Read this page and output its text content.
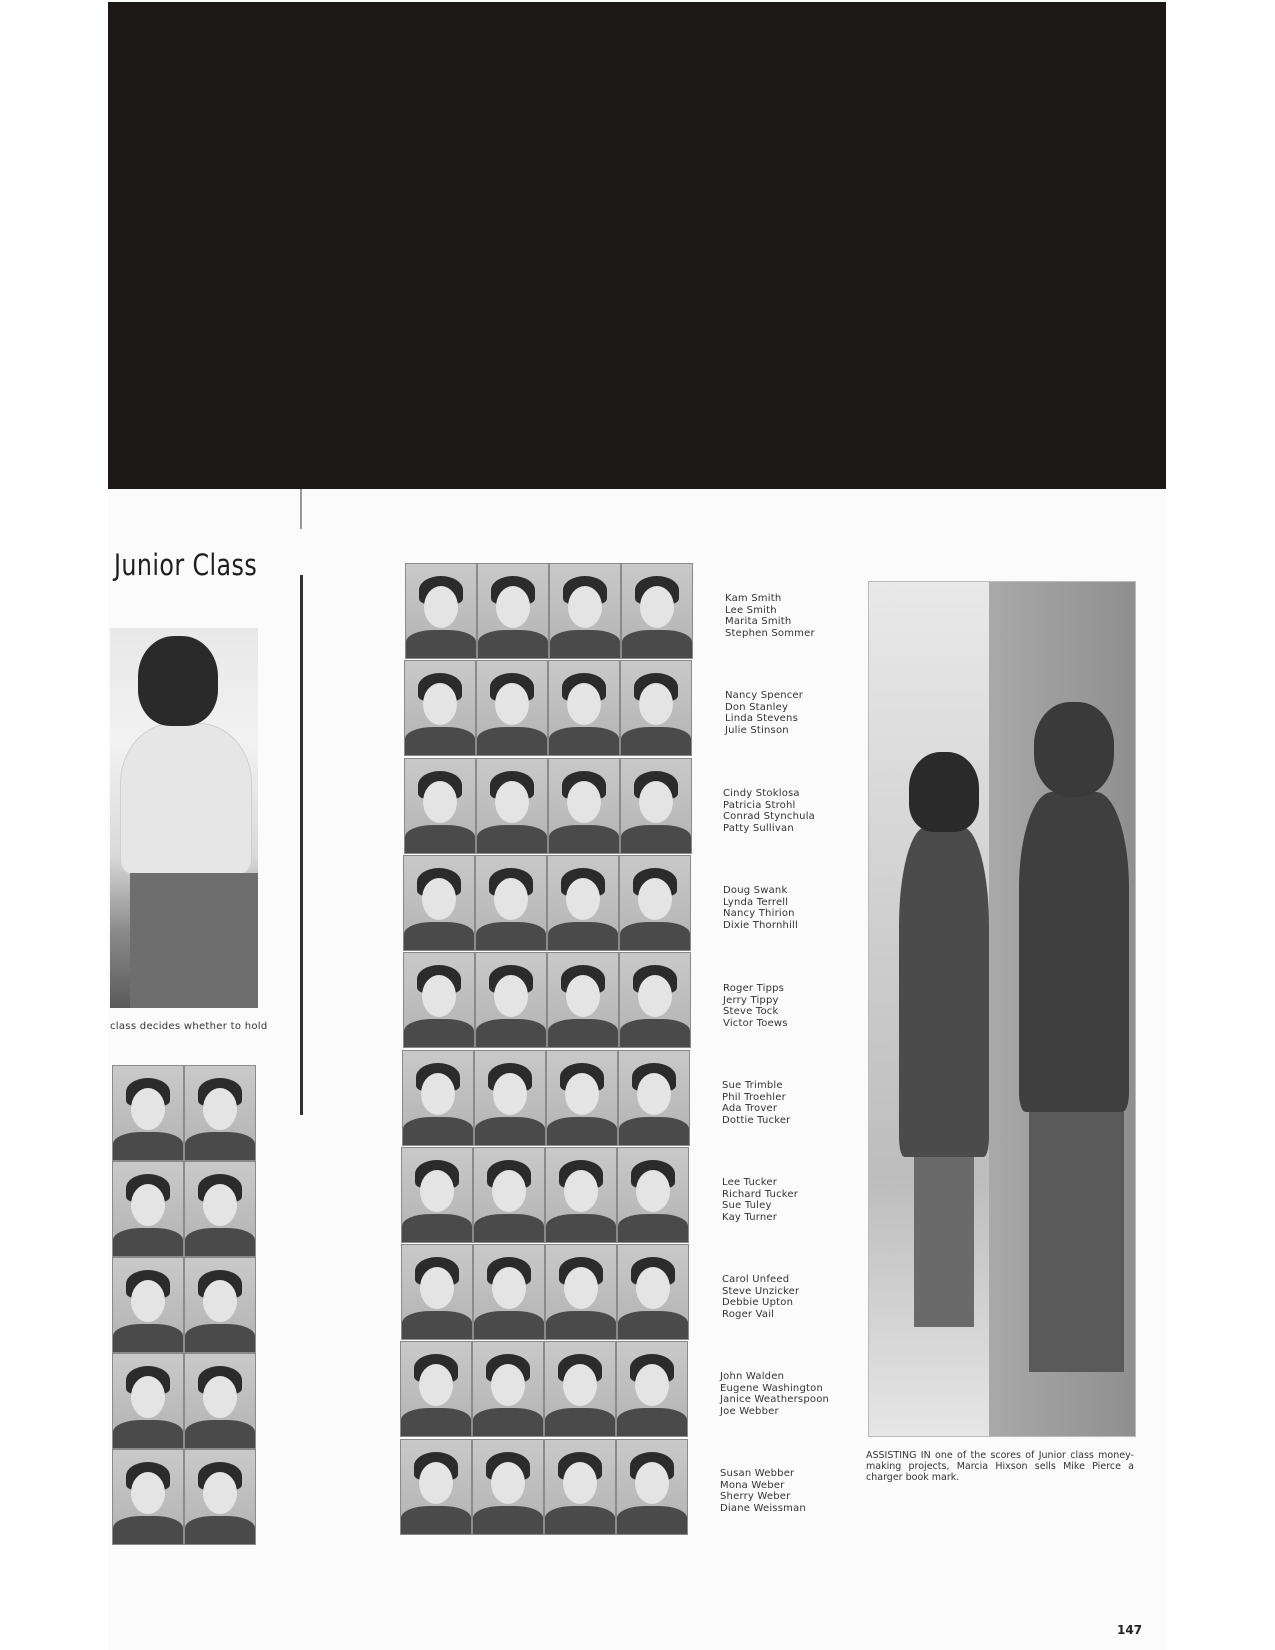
Junior Class
class decides whether to hold
Kam Smith
Lee Smith
Marita Smith
Stephen Sommer
Nancy Spencer
Don Stanley
Linda Stevens
Julie Stinson
Cindy Stoklosa
Patricia Strohl
Conrad Stynchula
Patty Sullivan
Doug Swank
Lynda Terrell
Nancy Thirion
Dixie Thornhill
Roger Tipps
Jerry Tippy
Steve Tock
Victor Toews
Sue Trimble
Phil Troehler
Ada Trover
Dottie Tucker
Lee Tucker
Richard Tucker
Sue Tuley
Kay Turner
Carol Unfeed
Steve Unzicker
Debbie Upton
Roger Vail
John Walden
Eugene Washington
Janice Weatherspoon
Joe Webber
Susan Webber
Mona Weber
Sherry Weber
Diane Weissman
ASSISTING IN one of the scores of Junior class money-making projects, Marcia Hixson sells Mike Pierce a charger book mark.
147
